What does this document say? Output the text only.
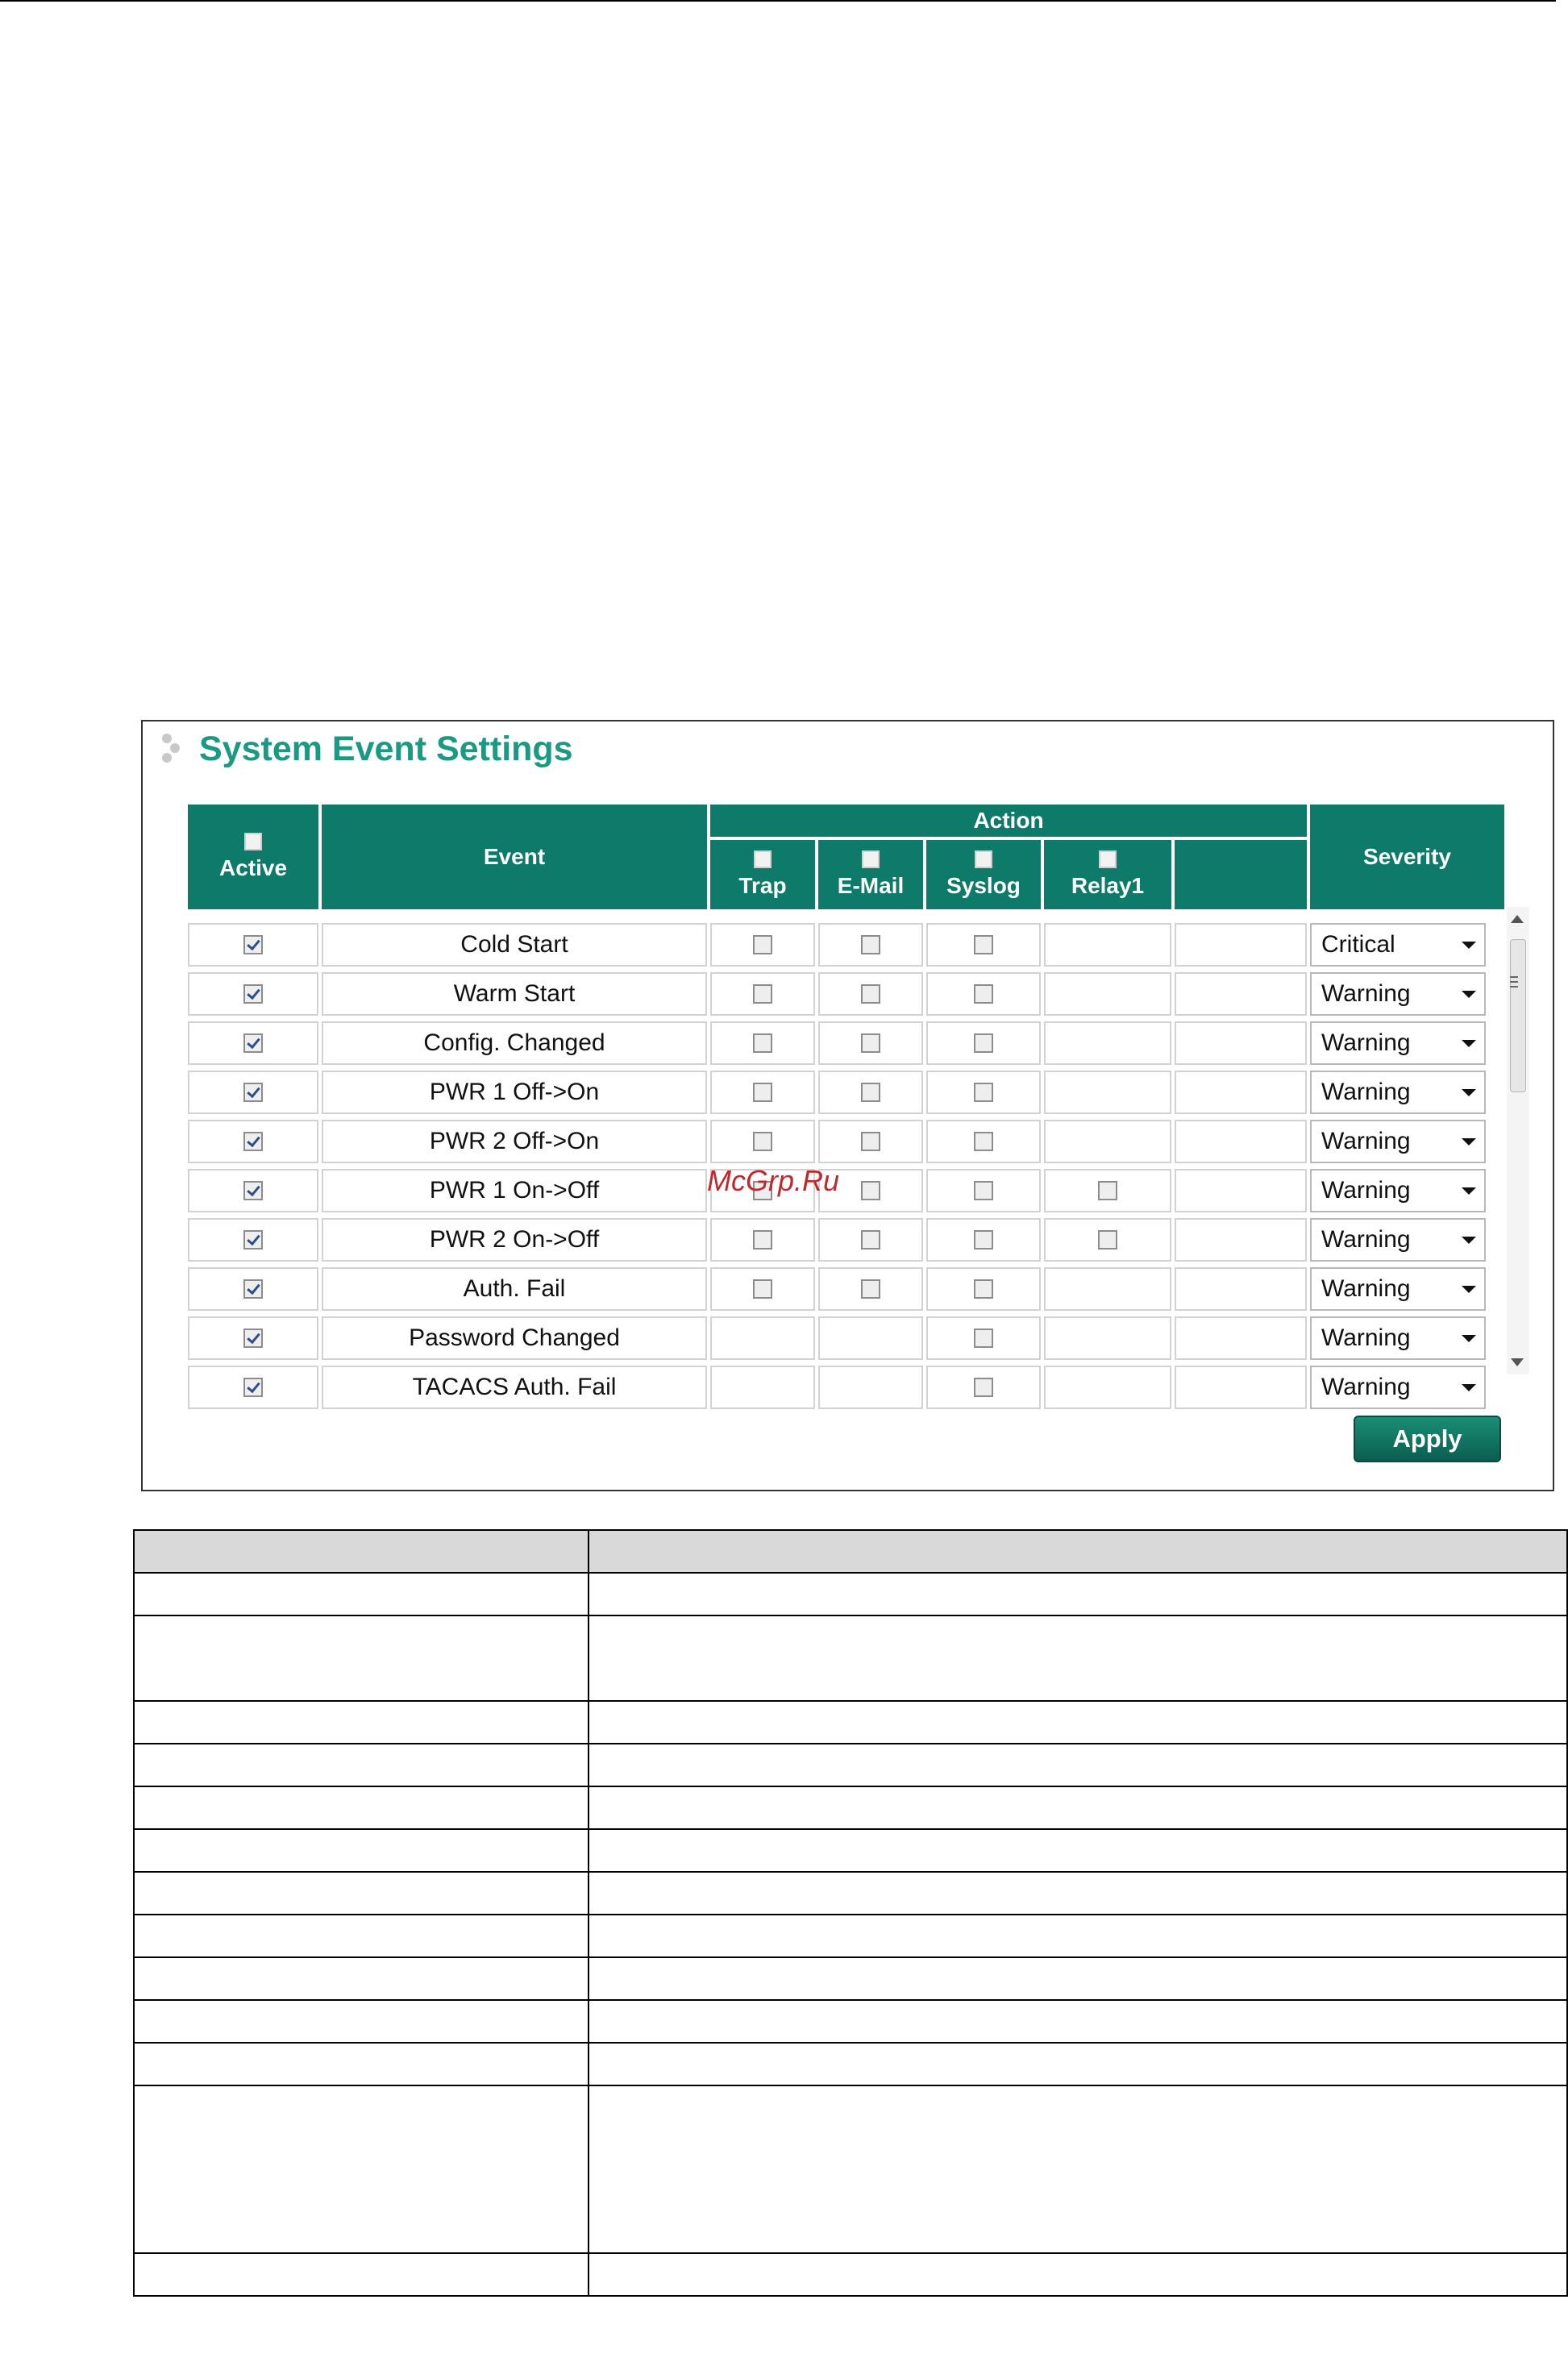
System Event Settings
Active	Event
Action
Trap E-Mail Syslog Relay1
Severity
Cold Start	Critical
Warm Start	Warning
Config. Changed	Warning
PWR 1 Off->On	Warning
PWR 2 Off->On	Warning
PWR 1 On->Off	Warning
PWR 2 On->Off	Warning
Auth. Fail	Warning
Password Changed	Warning
TACACS Auth. Fail	Warning
Apply
McGrp.Ru
